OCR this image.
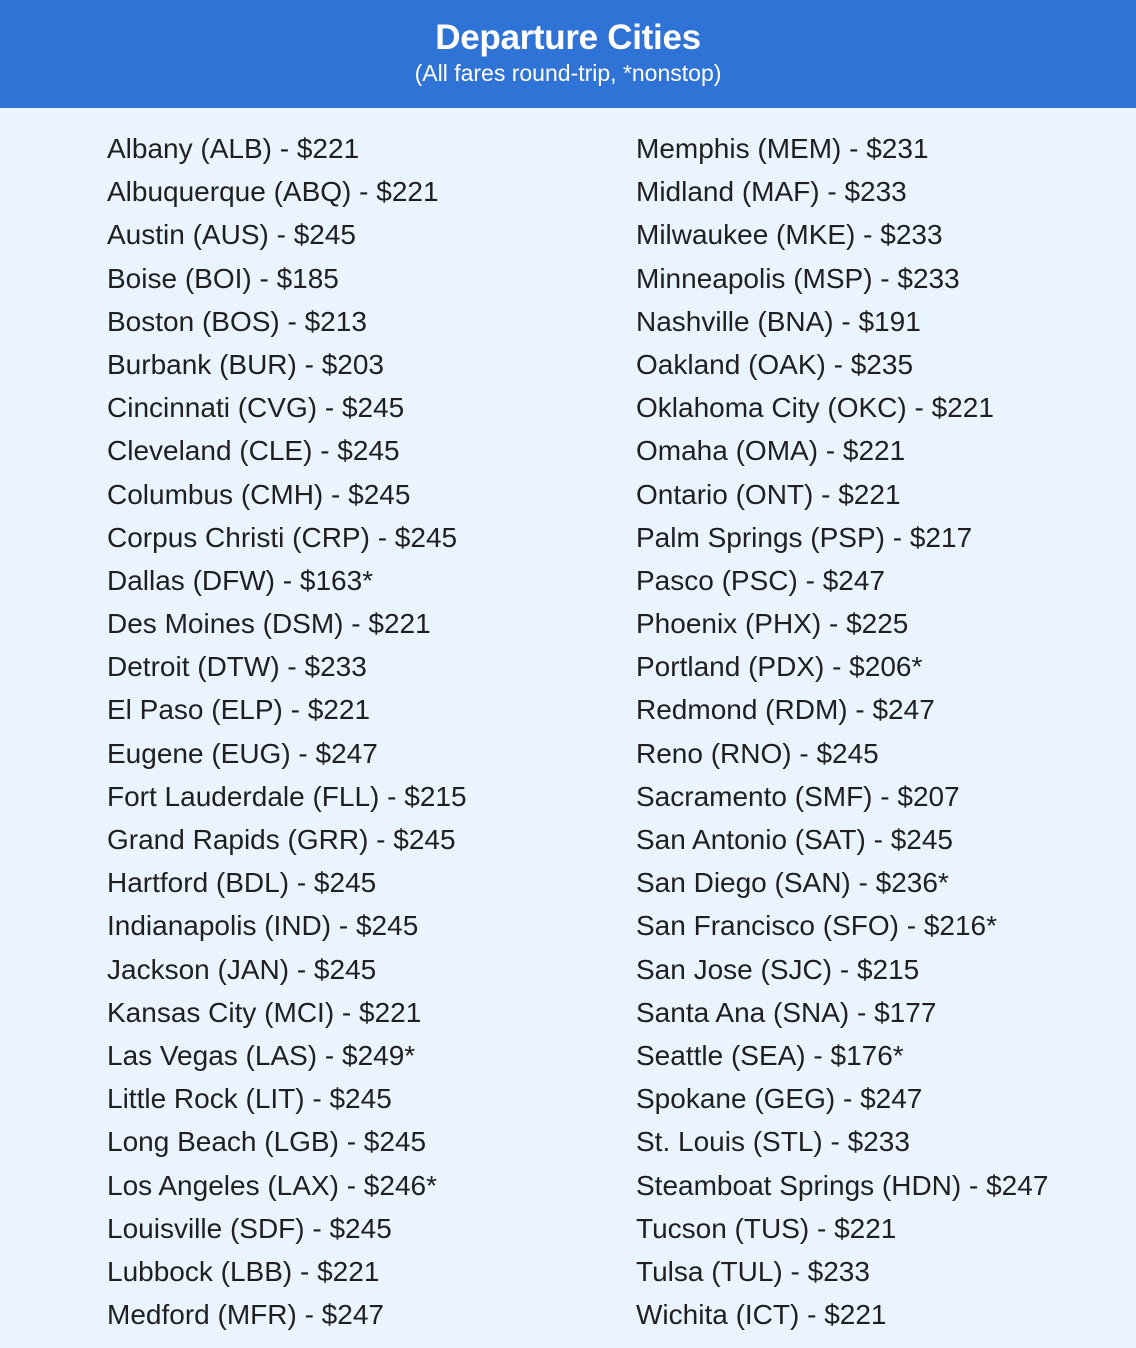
Departure Cities
(All fares round-trip, *nonstop)
Albany (ALB) - $221
Albuquerque (ABQ) - $221
Austin (AUS) - $245
Boise (BOI) - $185
Boston (BOS) - $213
Burbank (BUR) - $203
Cincinnati (CVG) - $245
Cleveland (CLE) - $245
Columbus (CMH) - $245
Corpus Christi (CRP) - $245
Dallas (DFW) - $163*
Des Moines (DSM) - $221
Detroit (DTW) - $233
El Paso (ELP) - $221
Eugene (EUG) - $247
Fort Lauderdale (FLL) - $215
Grand Rapids (GRR) - $245
Hartford (BDL) - $245
Indianapolis (IND) - $245
Jackson (JAN) - $245
Kansas City (MCI) - $221
Las Vegas (LAS) - $249*
Little Rock (LIT) - $245
Long Beach (LGB) - $245
Los Angeles (LAX) - $246*
Louisville (SDF) - $245
Lubbock (LBB) - $221
Medford (MFR) - $247
Memphis (MEM) - $231
Midland (MAF) - $233
Milwaukee (MKE) - $233
Minneapolis (MSP) - $233
Nashville (BNA) - $191
Oakland (OAK) - $235
Oklahoma City (OKC) - $221
Omaha (OMA) - $221
Ontario (ONT) - $221
Palm Springs (PSP) - $217
Pasco (PSC) - $247
Phoenix (PHX) - $225
Portland (PDX) - $206*
Redmond (RDM) - $247
Reno (RNO) - $245
Sacramento (SMF) - $207
San Antonio (SAT) - $245
San Diego (SAN) - $236*
San Francisco (SFO) - $216*
San Jose (SJC) - $215
Santa Ana (SNA) - $177
Seattle (SEA) - $176*
Spokane (GEG) - $247
St. Louis (STL) - $233
Steamboat Springs (HDN) - $247
Tucson (TUS) - $221
Tulsa (TUL) - $233
Wichita (ICT) - $221
